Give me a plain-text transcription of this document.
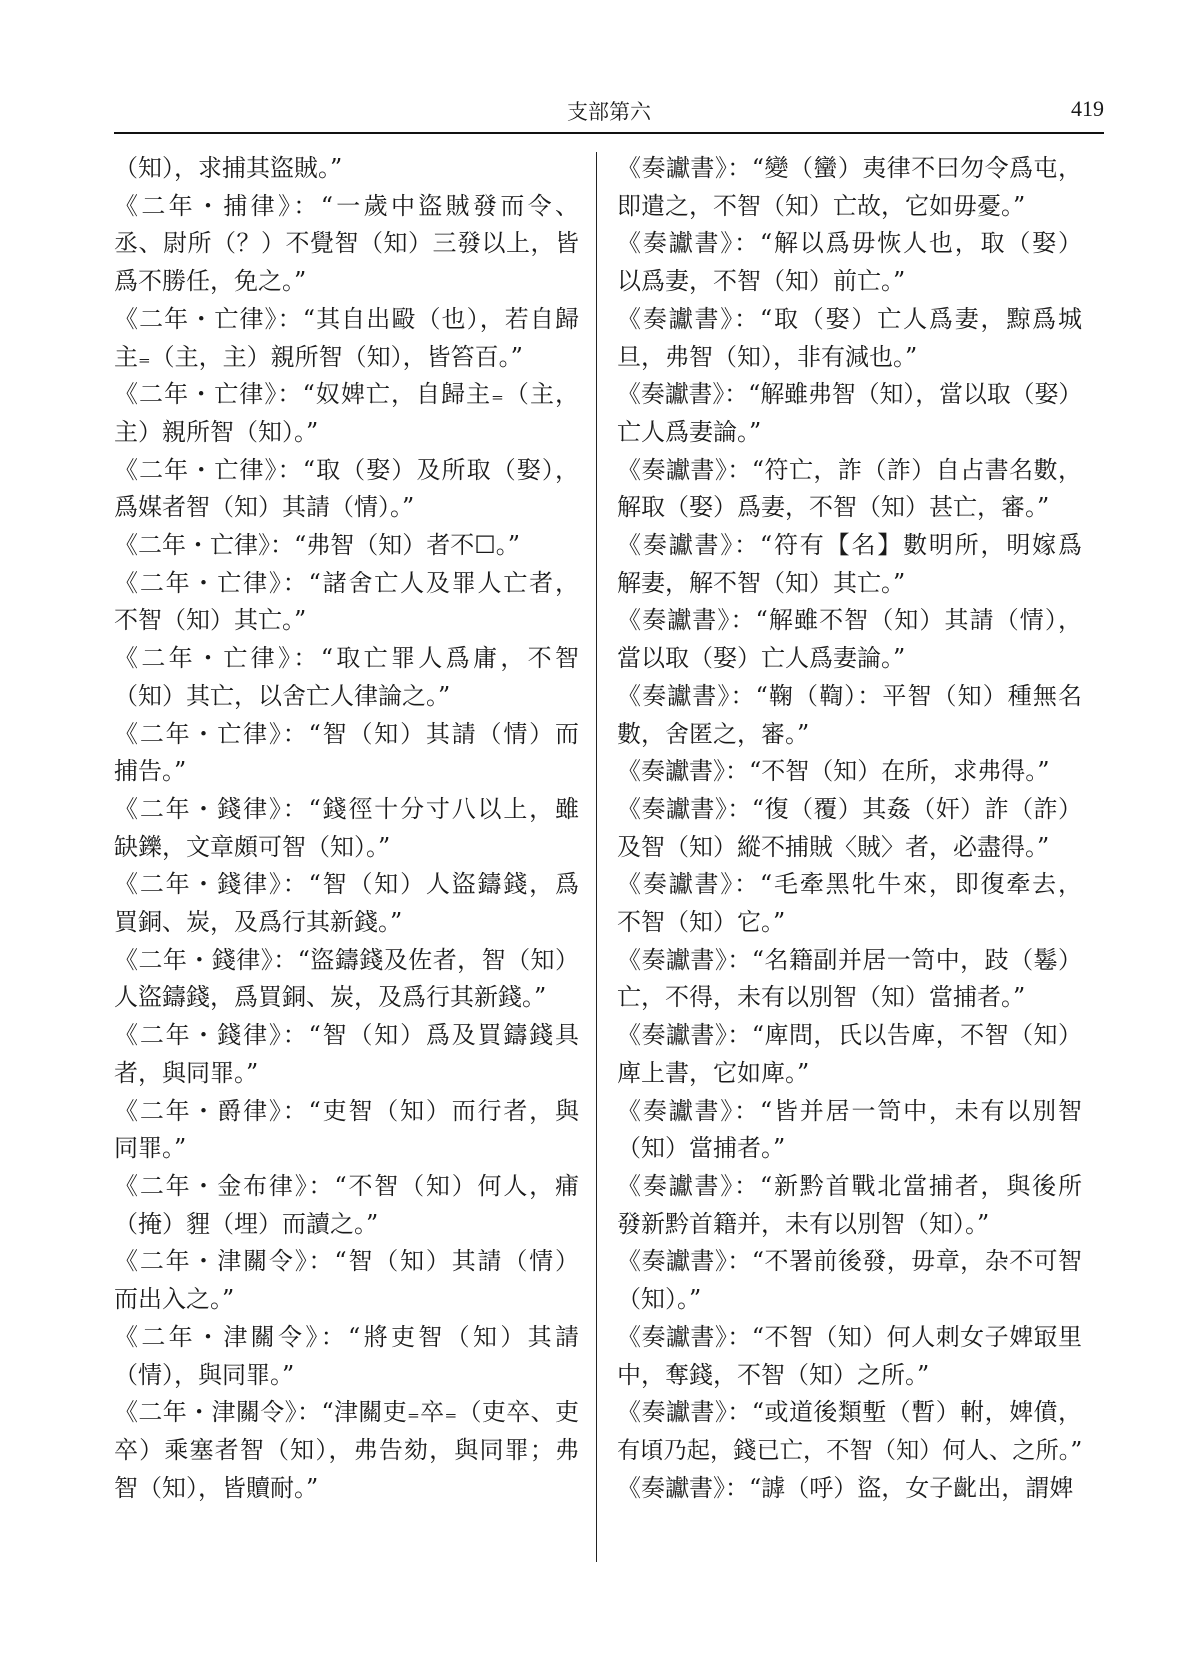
支部第六	419
（知），求捕其盜賊。”
《二年・捕律》：“一歲中盜賊發而令、
丞、尉所（？）不覺智（知）三發以上，皆
爲不勝任，免之。”
《二年・亡律》：“其自出毆（也），若自歸
主₌（主，主）親所智（知），皆笞百。”
《二年・亡律》：“奴婢亡，自歸主₌（主，
主）親所智（知）。”
《二年・亡律》：“取（娶）及所取（娶），
爲媒者智（知）其請（情）。”
《二年・亡律》：“弗智（知）者不☐。”
《二年・亡律》：“諸舍亡人及罪人亡者，
不智（知）其亡。”
《二年・亡律》：“取亡罪人爲庸，不智
（知）其亡，以舍亡人律論之。”
《二年・亡律》：“智（知）其請（情）而
捕告。”
《二年・錢律》：“錢徑十分寸八以上，雖
缺鑠，文章頗可智（知）。”
《二年・錢律》：“智（知）人盜鑄錢，爲
買銅、炭，及爲行其新錢。”
《二年・錢律》：“盜鑄錢及佐者，智（知）
人盜鑄錢，爲買銅、炭，及爲行其新錢。”
《二年・錢律》：“智（知）爲及買鑄錢具
者，與同罪。”
《二年・爵律》：“吏智（知）而行者，與
同罪。”
《二年・金布律》：“不智（知）何人，痡
（掩）貍（埋）而讀之。”
《二年・津關令》：“智（知）其請（情）
而出入之。”
《二年・津關令》：“將吏智（知）其請
（情），與同罪。”
《二年・津關令》：“津關吏₌卒₌（吏卒、吏
卒）乘塞者智（知），弗告劾，與同罪；弗
智（知），皆贖耐。”
《奏讞書》：“變（蠻）夷律不曰勿令爲屯，
即遣之，不智（知）亡故，它如毋憂。”
《奏讞書》：“解以爲毋恢人也，取（娶）
以爲妻，不智（知）前亡。”
《奏讞書》：“取（娶）亡人爲妻，黥爲城
旦，弗智（知），非有減也。”
《奏讞書》：“解雖弗智（知），當以取（娶）
亡人爲妻論。”
《奏讞書》：“符亡，詐（詐）自占書名數，
解取（娶）爲妻，不智（知）甚亡，審。”
《奏讞書》：“符有【名】數明所，明嫁爲
解妻，解不智（知）其亡。”
《奏讞書》：“解雖不智（知）其請（情），
當以取（娶）亡人爲妻論。”
《奏讞書》：“鞠（鞫）：平智（知）種無名
數，舍匿之，審。”
《奏讞書》：“不智（知）在所，求弗得。”
《奏讞書》：“復（覆）其姦（奸）詐（詐）
及智（知）縱不捕賊〈賊〉者，必盡得。”
《奏讞書》：“毛牽黑牝牛來，即復牽去，
不智（知）它。”
《奏讞書》：“名籍副并居一笥中，跂（鬈）
亡，不得，未有以別智（知）當捕者。”
《奏讞書》：“庳問，氏以告庳，不智（知）
庳上書，它如庳。”
《奏讞書》：“皆并居一笥中，未有以別智
（知）當捕者。”
《奏讞書》：“新黔首戰北當捕者，與後所
發新黔首籍并，未有以別智（知）。”
《奏讞書》：“不署前後發，毋章，杂不可智
（知）。”
《奏讞書》：“不智（知）何人刺女子婢冣里
中，奪錢，不智（知）之所。”
《奏讞書》：“或道後類塹（暫）軵，婢僨，
有頃乃起，錢已亡，不智（知）何人、之所。”
《奏讞書》：“謼（呼）盜，女子齔出，謂婢
